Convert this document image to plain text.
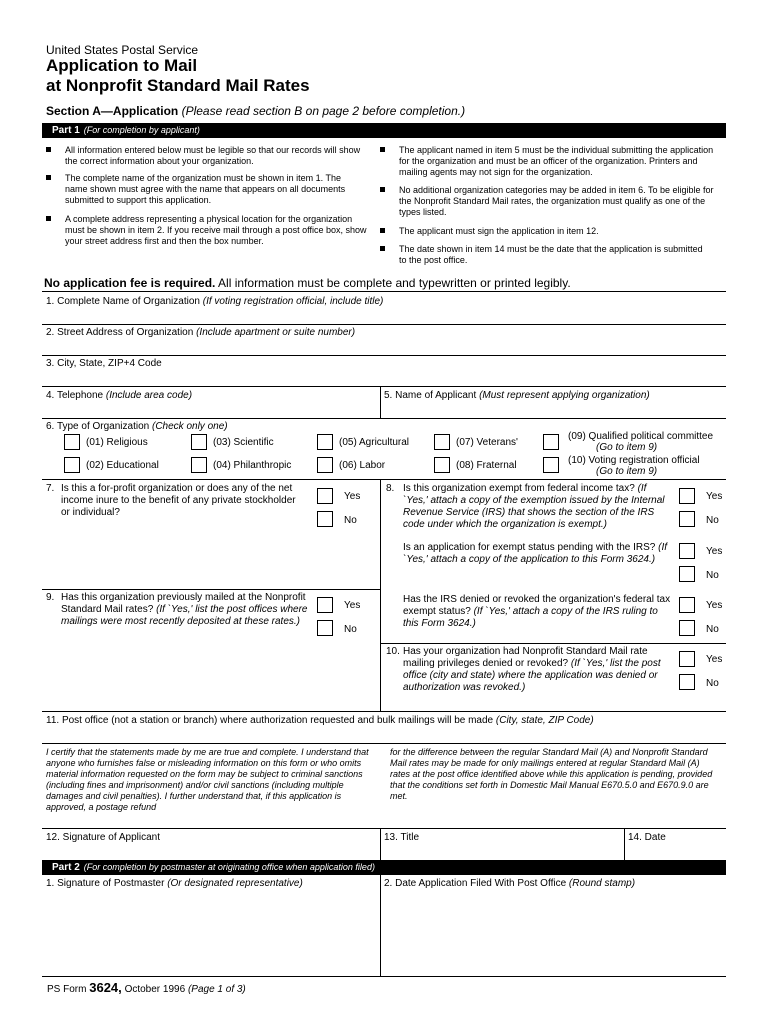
United States Postal Service
Application to Mail
at Nonprofit Standard Mail Rates
Section A—Application (Please read section B on page 2 before completion.)
Part 1 (For completion by applicant)
All information entered below must be legible so that our records will show the correct information about your organization.
The complete name of the organization must be shown in item 1. The name shown must agree with the name that appears on all documents submitted to support this application.
A complete address representing a physical location for the organization must be shown in item 2. If you receive mail through a post office box, show your street address first and then the box number.
The applicant named in item 5 must be the individual submitting the application for the organization and must be an officer of the organization. Printers and mailing agents may not sign for the organization.
No additional organization categories may be added in item 6. To be eligible for the Nonprofit Standard Mail rates, the organization must qualify as one of the types listed.
The applicant must sign the application in item 12.
The date shown in item 14 must be the date that the application is submitted to the post office.
No application fee is required. All information must be complete and typewritten or printed legibly.
1. Complete Name of Organization (If voting registration official, include title)
2. Street Address of Organization (Include apartment or suite number)
3. City, State, ZIP+4 Code
4. Telephone (Include area code)	5. Name of Applicant (Must represent applying organization)
6. Type of Organization (Check only one)
(01) Religious
(02) Educational
(03) Scientific
(04) Philanthropic
(05) Agricultural
(06) Labor
(07) Veterans'
(08) Fraternal
(09) Qualified political committee
(Go to item 9)
(10) Voting registration official
(Go to item 9)
7. Is this a for-profit organization or does any of the net income inure to the benefit of any private stockholder or individual?
Yes
No
9. Has this organization previously mailed at the Nonprofit Standard Mail rates? (If `Yes,' list the post offices where mailings were most recently deposited at these rates.)
Yes
No
8. Is this organization exempt from federal income tax? (If `Yes,' attach a copy of the exemption issued by the Internal Revenue Service (IRS) that shows the section of the IRS code under which the organization is exempt.)
Yes
No
Is an application for exempt status pending with the IRS? (If `Yes,' attach a copy of the application to this Form 3624.)
Yes
No
Has the IRS denied or revoked the organization's federal tax exempt status? (If `Yes,' attach a copy of the IRS ruling to this Form 3624.)
Yes
No
10. Has your organization had Nonprofit Standard Mail rate mailing privileges denied or revoked? (If `Yes,' list the post office (city and state) where the application was denied or authorization was revoked.)
Yes
No
11. Post office (not a station or branch) where authorization requested and bulk mailings will be made (City, state, ZIP Code)
I certify that the statements made by me are true and complete. I understand that anyone who furnishes false or misleading information on this form or who omits material information requested on the form may be subject to criminal sanctions (including fines and imprisonment) and/or civil sanctions (including multiple damages and civil penalties). I further understand that, if this application is approved, a postage refund
for the difference between the regular Standard Mail (A) and Nonprofit Standard Mail rates may be made for only mailings entered at regular Standard Mail (A) rates at the post office identified above while this application is pending, provided that the conditions set forth in Domestic Mail Manual E670.5.0 and E670.9.0 are met.
12. Signature of Applicant	13. Title	14. Date
Part 2 (For completion by postmaster at originating office when application filed)
1. Signature of Postmaster (Or designated representative)	2. Date Application Filed With Post Office (Round stamp)
PS Form 3624, October 1996 (Page 1 of 3)
